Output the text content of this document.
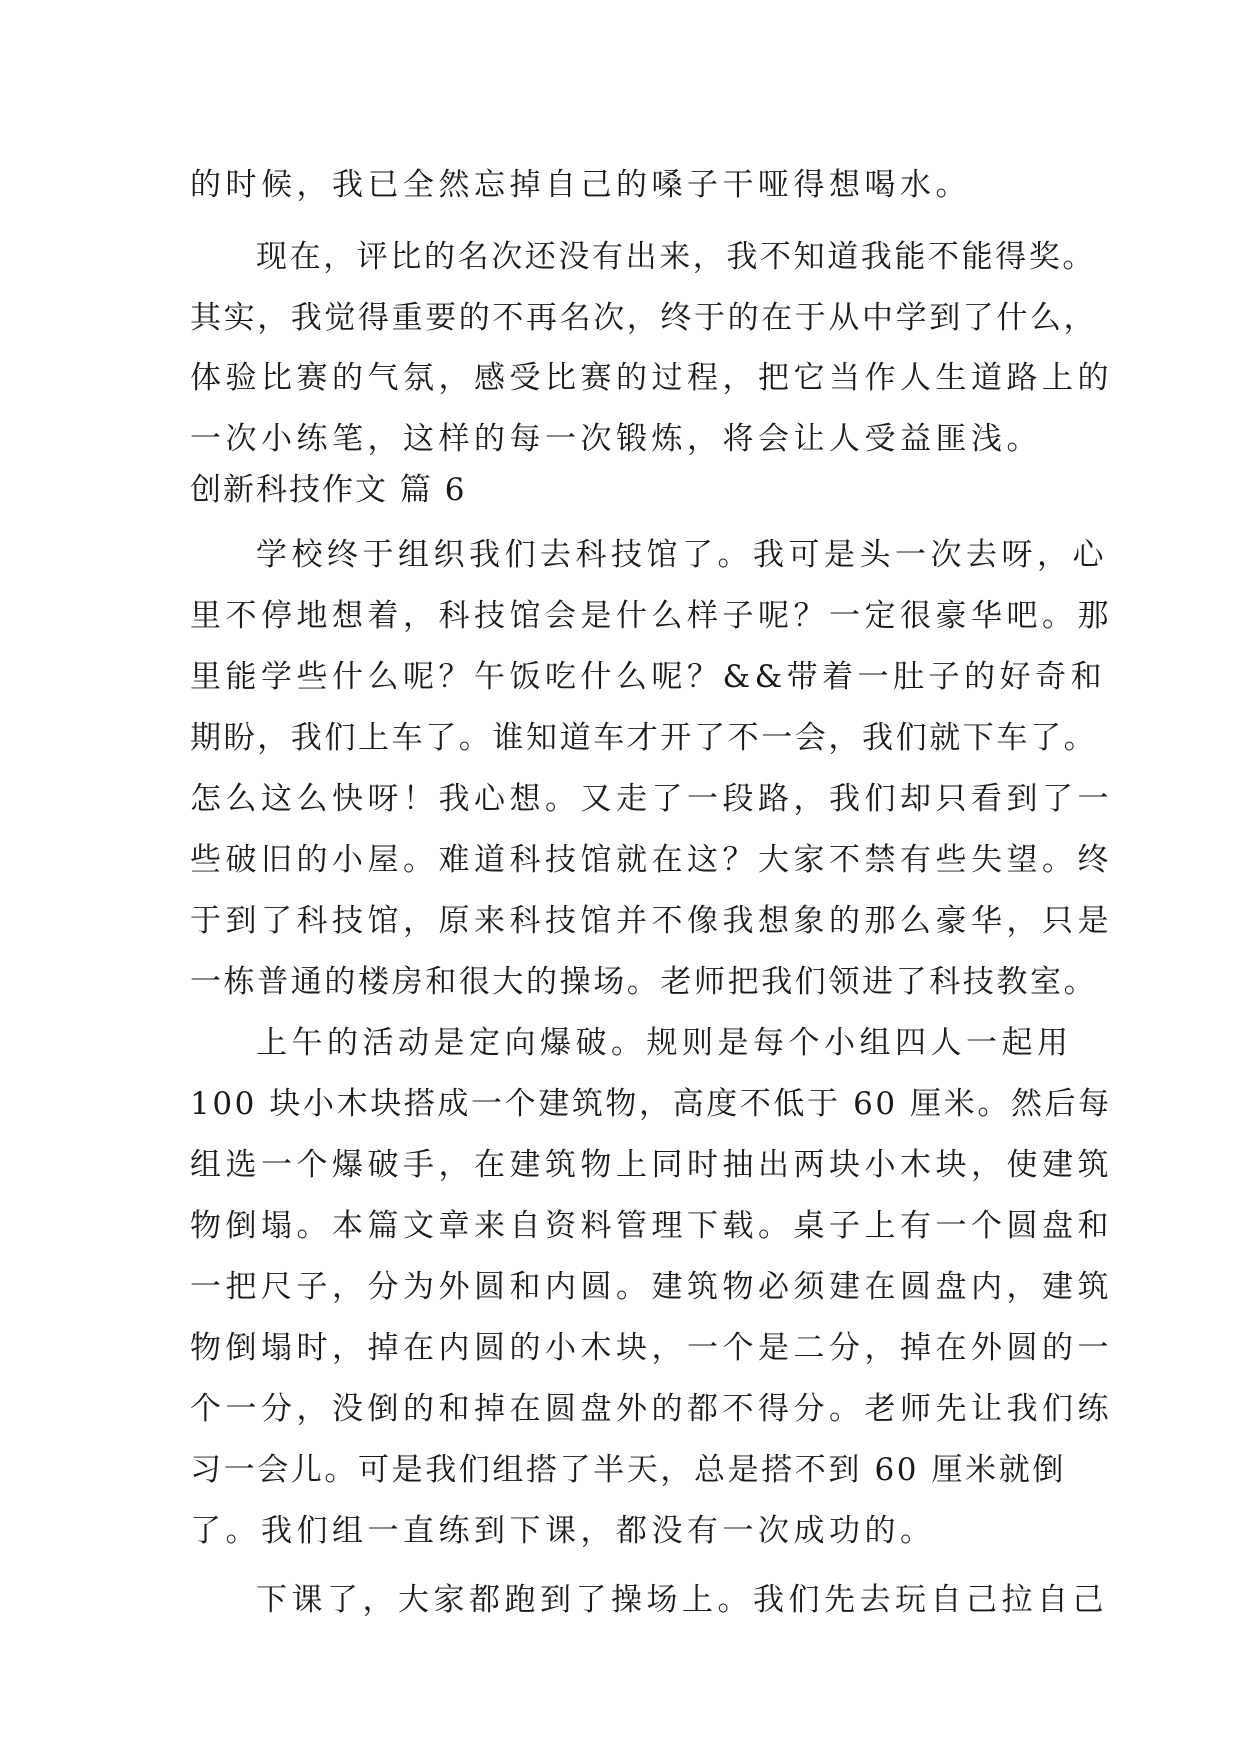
的时候，我已全然忘掉自己的嗓子干哑得想喝水。
现在，评比的名次还没有出来，我不知道我能不能得奖。
其实，我觉得重要的不再名次，终于的在于从中学到了什么，
体验比赛的气氛，感受比赛的过程，把它当作人生道路上的
一次小练笔，这样的每一次锻炼，将会让人受益匪浅。
创新科技作文 篇 6
学校终于组织我们去科技馆了。我可是头一次去呀，心
里不停地想着，科技馆会是什么样子呢？一定很豪华吧。那
里能学些什么呢？午饭吃什么呢？&&带着一肚子的好奇和
期盼，我们上车了。谁知道车才开了不一会，我们就下车了。
怎么这么快呀！我心想。又走了一段路，我们却只看到了一
些破旧的小屋。难道科技馆就在这？大家不禁有些失望。终
于到了科技馆，原来科技馆并不像我想象的那么豪华，只是
一栋普通的楼房和很大的操场。老师把我们领进了科技教室。
上午的活动是定向爆破。规则是每个小组四人一起用
100 块小木块搭成一个建筑物，高度不低于 60 厘米。然后每
组选一个爆破手，在建筑物上同时抽出两块小木块，使建筑
物倒塌。本篇文章来自资料管理下载。桌子上有一个圆盘和
一把尺子，分为外圆和内圆。建筑物必须建在圆盘内，建筑
物倒塌时，掉在内圆的小木块，一个是二分，掉在外圆的一
个一分，没倒的和掉在圆盘外的都不得分。老师先让我们练
习一会儿。可是我们组搭了半天，总是搭不到 60 厘米就倒
了。我们组一直练到下课，都没有一次成功的。
下课了，大家都跑到了操场上。我们先去玩自己拉自己
